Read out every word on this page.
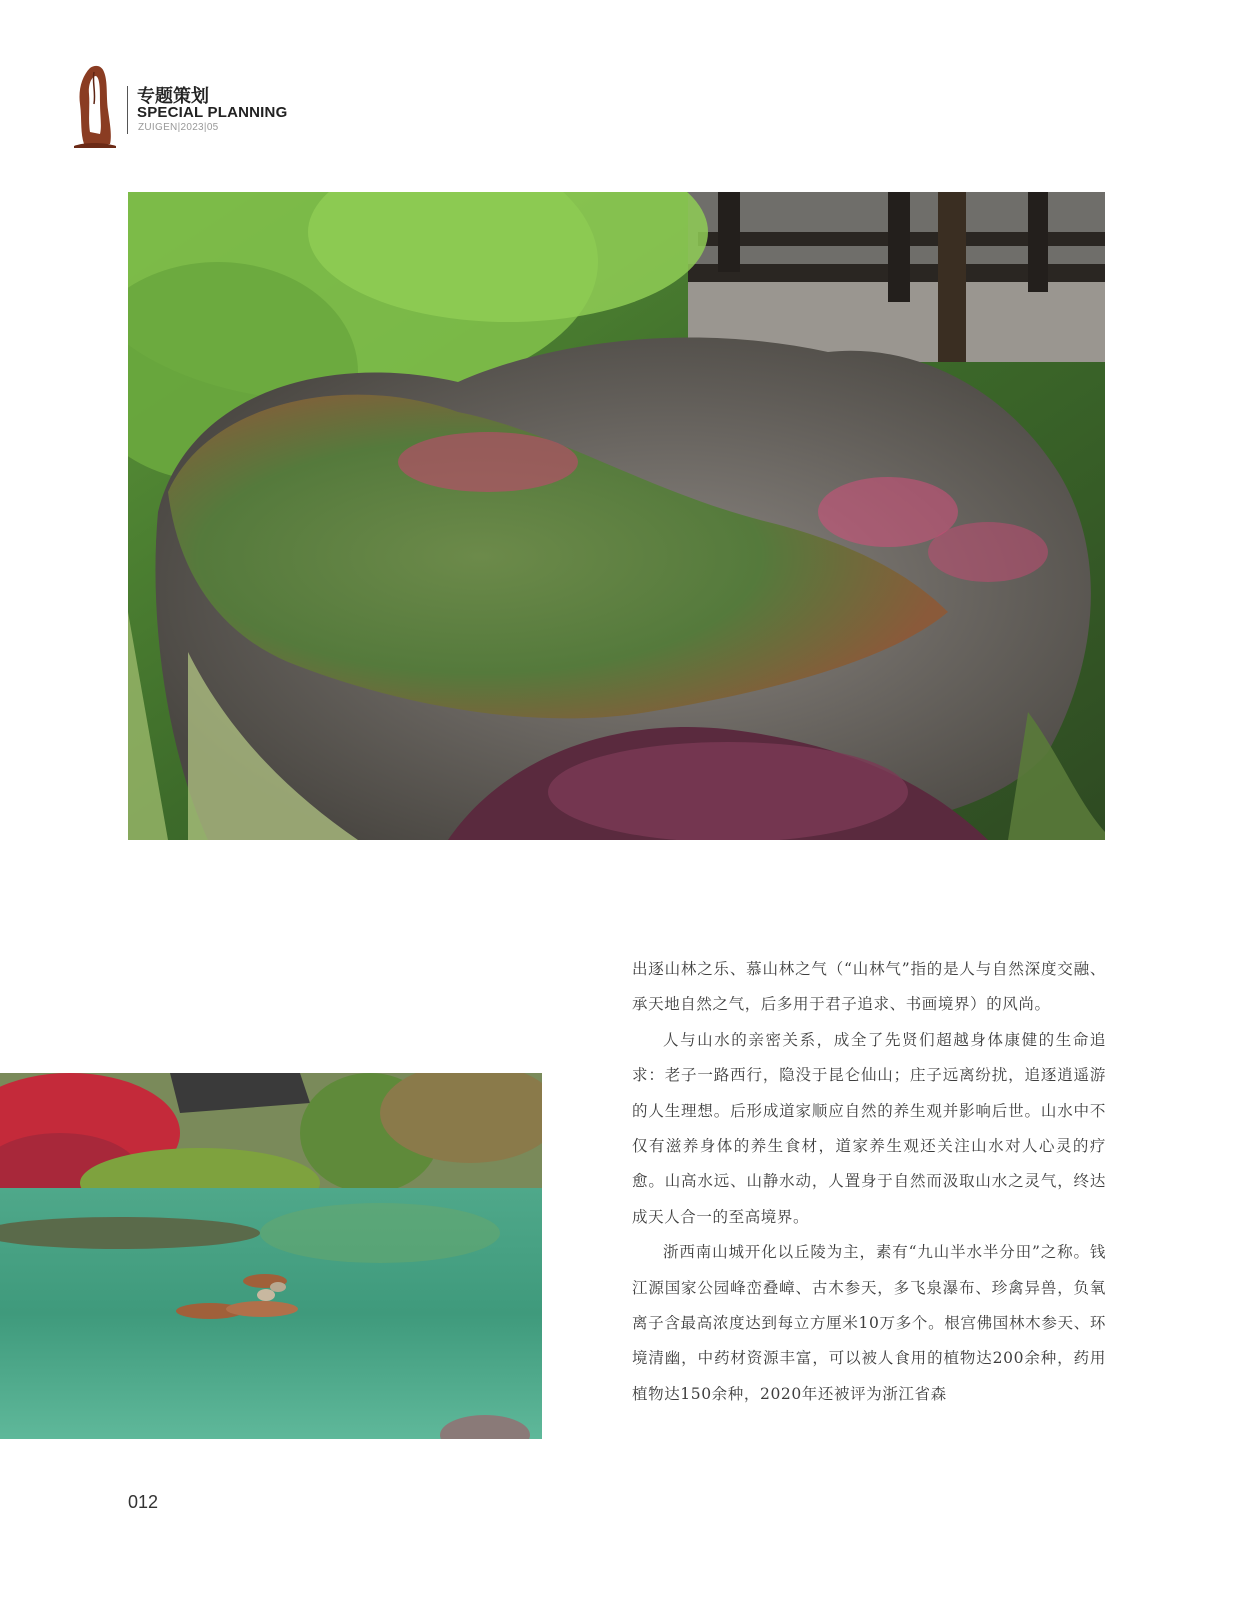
专题策划
SPECIAL PLANNING
ZUIGEN|2023|05

出逐山林之乐、慕山林之气（“山林气”指的是人与自然深度交融、承天地自然之气，后多用于君子追求、书画境界）的风尚。

人与山水的亲密关系，成全了先贤们超越身体康健的生命追求：老子一路西行，隐没于昆仑仙山；庄子远离纷扰，追逐逍遥游的人生理想。后形成道家顺应自然的养生观并影响后世。山水中不仅有滋养身体的养生食材，道家养生观还关注山水对人心灵的疗愈。山高水远、山静水动，人置身于自然而汲取山水之灵气，终达成天人合一的至高境界。

浙西南山城开化以丘陵为主，素有“九山半水半分田”之称。钱江源国家公园峰峦叠嶂、古木参天，多飞泉瀑布、珍禽异兽，负氧离子含最高浓度达到每立方厘米10万多个。根宫佛国林木参天、环境清幽，中药材资源丰富，可以被人食用的植物达200余种，药用植物达150余种，2020年还被评为浙江省森

012
